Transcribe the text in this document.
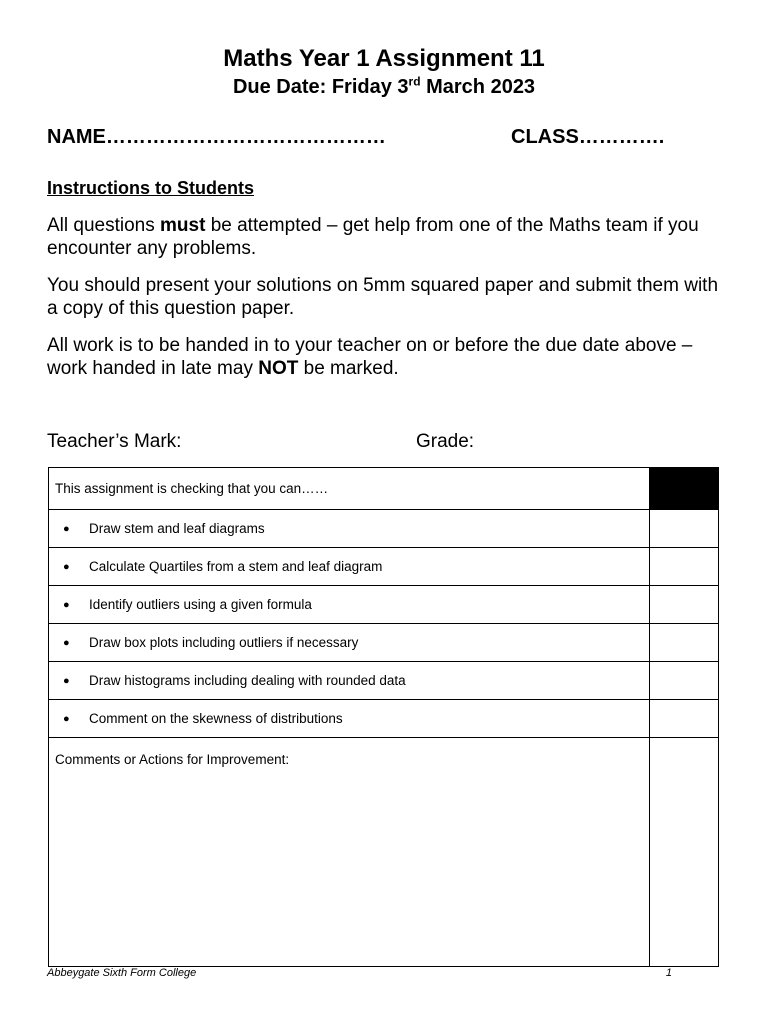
Maths Year 1 Assignment 11
Due Date: Friday 3rd March 2023
NAME……………………………………	CLASS………….
Instructions to Students
All questions must be attempted – get help from one of the Maths team if you encounter any problems.
You should present your solutions on 5mm squared paper and submit them with a copy of this question paper.
All work is to be handed in to your teacher on or before the due date above – work handed in late may NOT be marked.
Teacher’s Mark:	Grade:
This assignment is checking that you can……	

● Draw stem and leaf diagrams	

● Calculate Quartiles from a stem and leaf diagram	

● Identify outliers using a given formula	

● Draw box plots including outliers if necessary	

● Draw histograms including dealing with rounded data	

● Comment on the skewness of distributions	

Comments or Actions for Improvement:	
Abbeygate Sixth Form College	1
